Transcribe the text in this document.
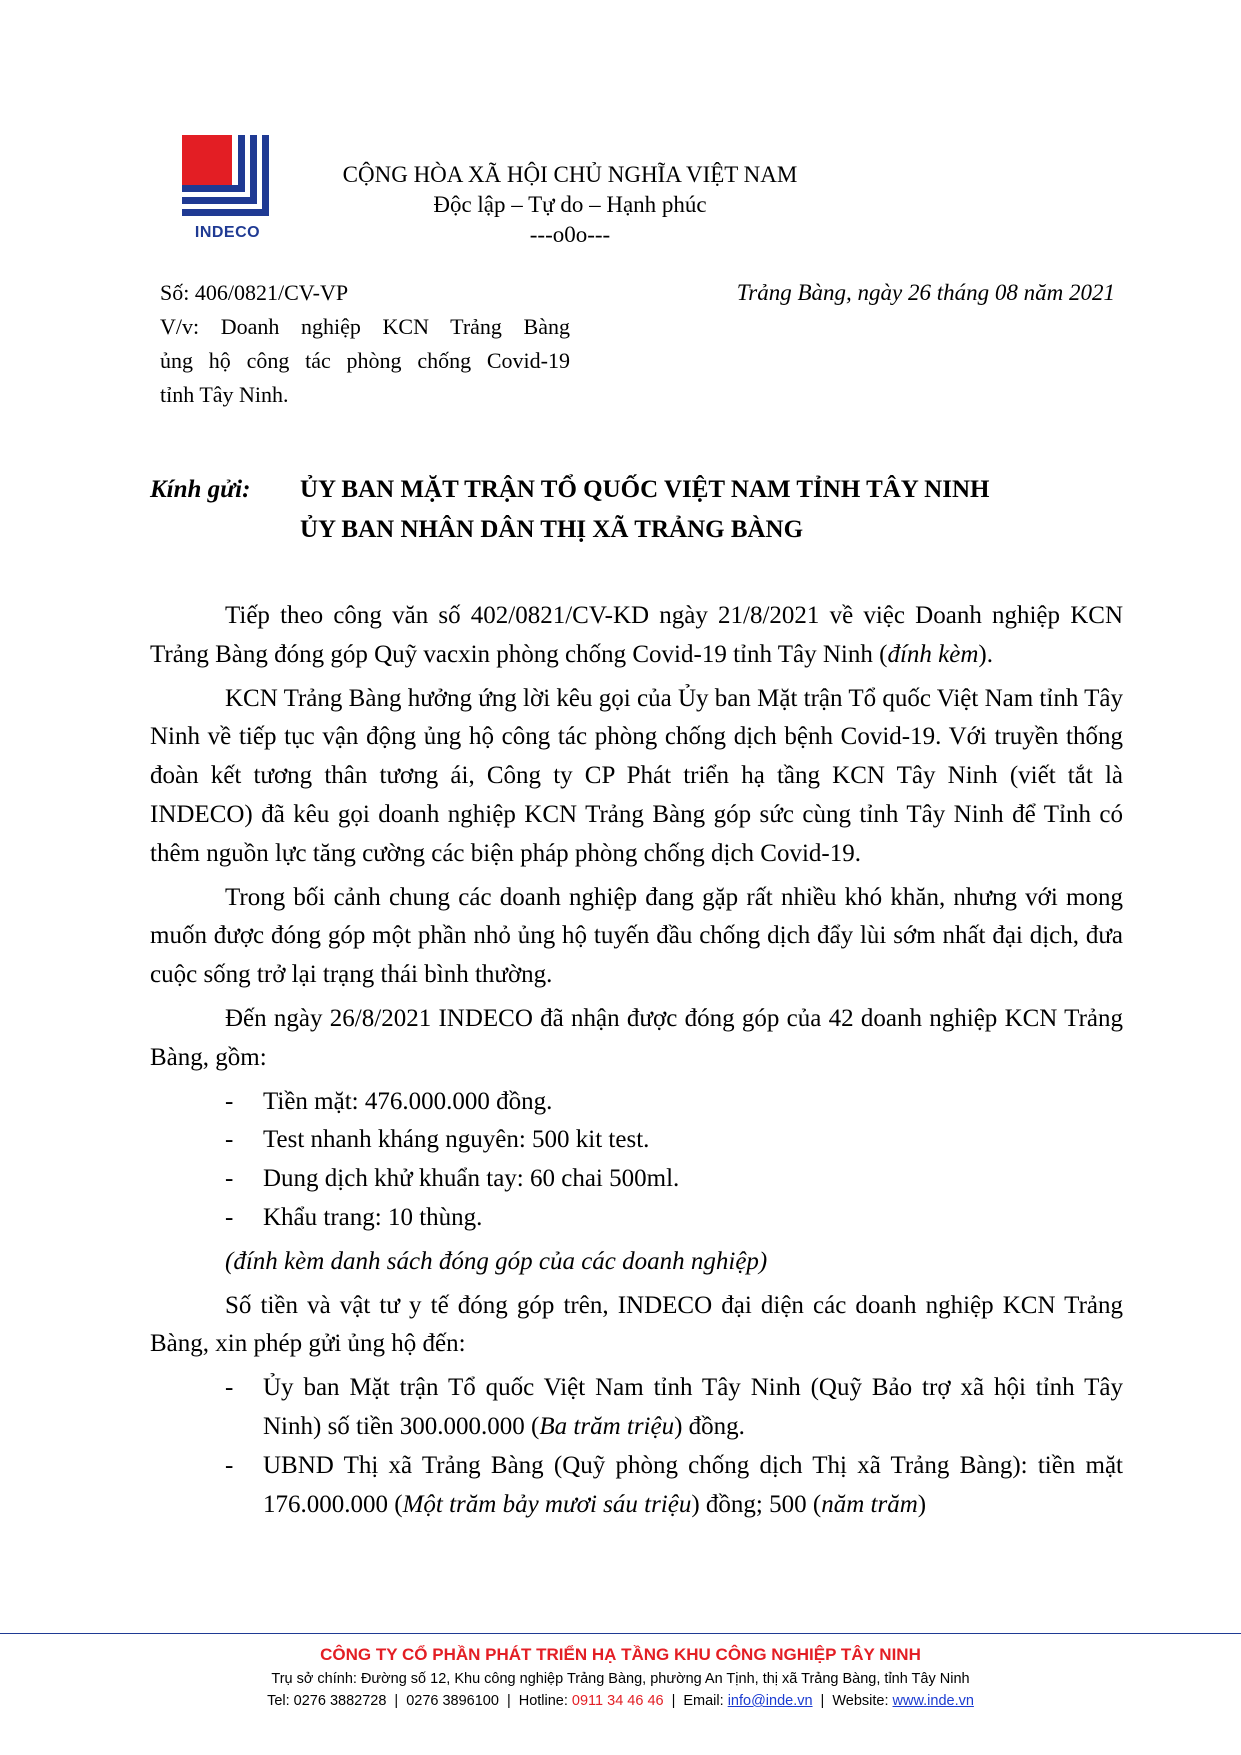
INDECO
CỘNG HÒA XÃ HỘI CHỦ NGHĨA VIỆT NAM
Độc lập – Tự do – Hạnh phúc
---o0o---
Số: 406/0821/CV-VP
V/v: Doanh nghiệp KCN Trảng Bàng
ủng hộ công tác phòng chống Covid-19
tỉnh Tây Ninh.
Trảng Bàng, ngày 26 tháng 08 năm 2021
Kính gửi: ỦY BAN MẶT TRẬN TỔ QUỐC VIỆT NAM TỈNH TÂY NINH
ỦY BAN NHÂN DÂN THỊ XÃ TRẢNG BÀNG

Tiếp theo công văn số 402/0821/CV-KD ngày 21/8/2021 về việc Doanh nghiệp KCN Trảng Bàng đóng góp Quỹ vacxin phòng chống Covid-19 tỉnh Tây Ninh (đính kèm).

KCN Trảng Bàng hưởng ứng lời kêu gọi của Ủy ban Mặt trận Tổ quốc Việt Nam tỉnh Tây Ninh về tiếp tục vận động ủng hộ công tác phòng chống dịch bệnh Covid-19. Với truyền thống đoàn kết tương thân tương ái, Công ty CP Phát triển hạ tầng KCN Tây Ninh (viết tắt là INDECO) đã kêu gọi doanh nghiệp KCN Trảng Bàng góp sức cùng tỉnh Tây Ninh để Tỉnh có thêm nguồn lực tăng cường các biện pháp phòng chống dịch Covid-19.

Trong bối cảnh chung các doanh nghiệp đang gặp rất nhiều khó khăn, nhưng với mong muốn được đóng góp một phần nhỏ ủng hộ tuyến đầu chống dịch đẩy lùi sớm nhất đại dịch, đưa cuộc sống trở lại trạng thái bình thường.

Đến ngày 26/8/2021 INDECO đã nhận được đóng góp của 42 doanh nghiệp KCN Trảng Bàng, gồm:

- Tiền mặt: 476.000.000 đồng.
- Test nhanh kháng nguyên: 500 kit test.
- Dung dịch khử khuẩn tay: 60 chai 500ml.
- Khẩu trang: 10 thùng.
(đính kèm danh sách đóng góp của các doanh nghiệp)

Số tiền và vật tư y tế đóng góp trên, INDECO đại diện các doanh nghiệp KCN Trảng Bàng, xin phép gửi ủng hộ đến:

- Ủy ban Mặt trận Tổ quốc Việt Nam tỉnh Tây Ninh (Quỹ Bảo trợ xã hội tỉnh Tây Ninh) số tiền 300.000.000 (Ba trăm triệu) đồng.
- UBND Thị xã Trảng Bàng (Quỹ phòng chống dịch Thị xã Trảng Bàng): tiền mặt 176.000.000 (Một trăm bảy mươi sáu triệu) đồng; 500 (năm trăm)
CÔNG TY CỔ PHẦN PHÁT TRIỂN HẠ TẦNG KHU CÔNG NGHIỆP TÂY NINH
Trụ sở chính: Đường số 12, Khu công nghiệp Trảng Bàng, phường An Tịnh, thị xã Trảng Bàng, tỉnh Tây Ninh
Tel: 0276 3882728 | 0276 3896100 | Hotline: 0911 34 46 46 | Email: info@inde.vn | Website: www.inde.vn
